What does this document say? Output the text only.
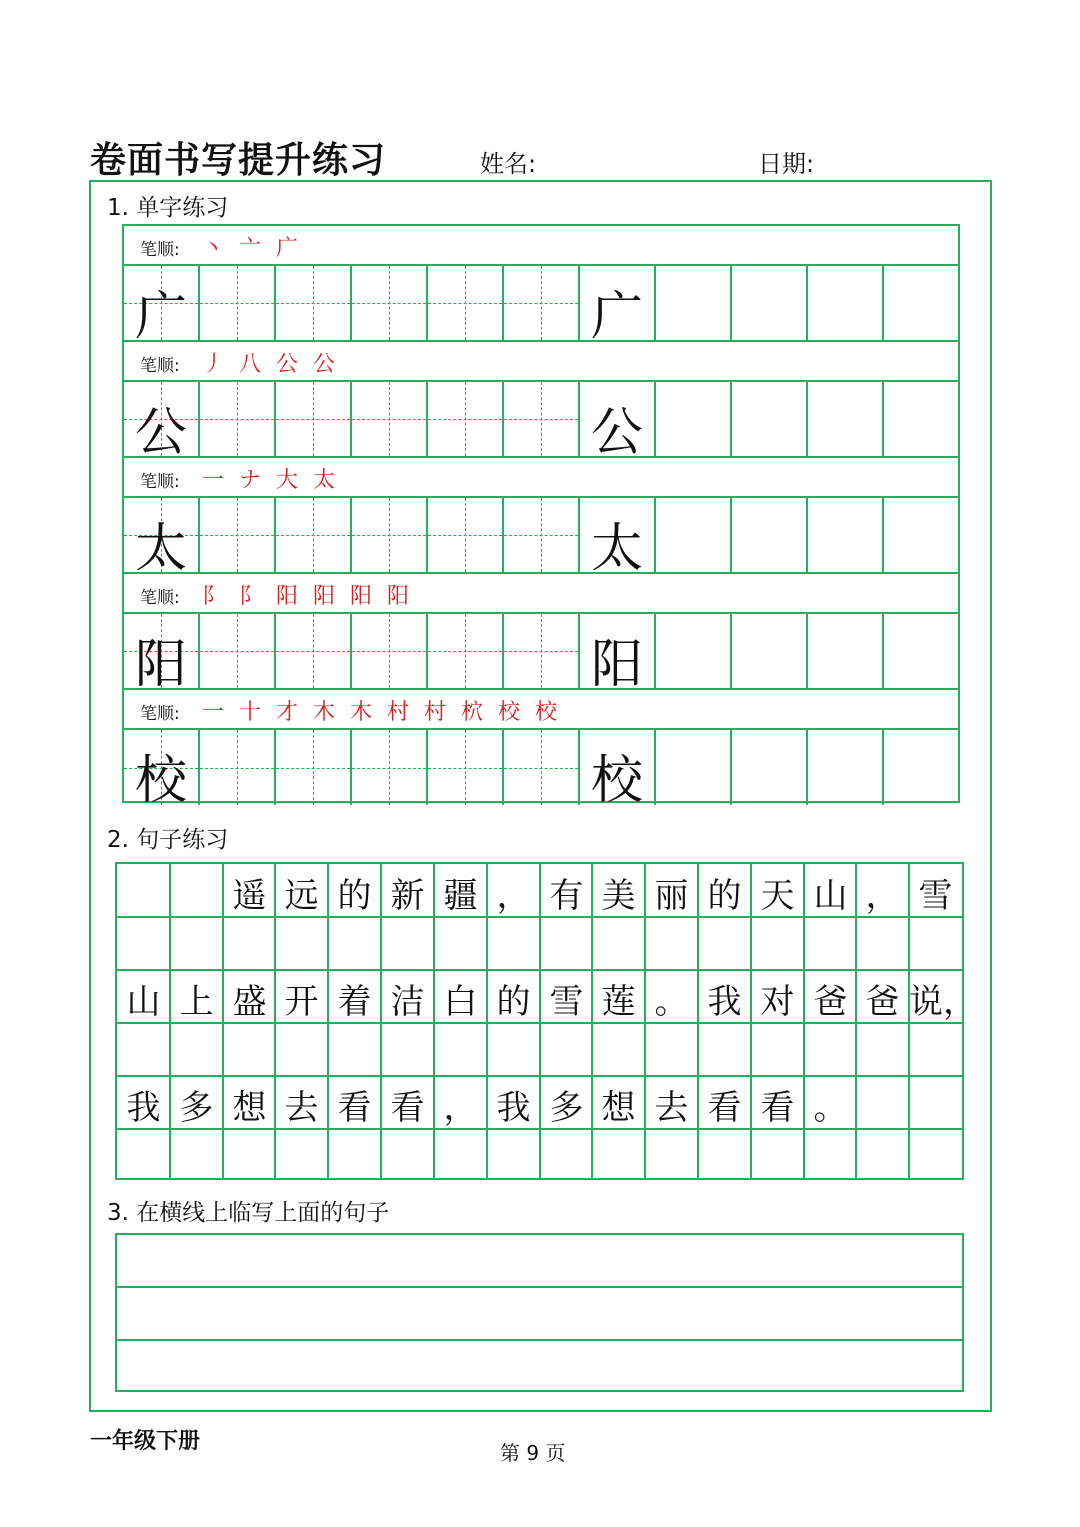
卷面书写提升练习	姓名:	日期:
1. 单字练习
笔顺: 丶 亠 广
广	广
笔顺: 丿 八 公 公
公	公
笔顺: 一 ナ 大 太
太	太
笔顺: 阝 阝 阳 阳 阳 阳
阳	阳
笔顺: 一 十 才 木 木 村 村 柼 校 校
校	校
2. 句子练习
遥 远 的 新 疆 ， 有 美 丽 的 天 山 ， 雪
山 上 盛 开 着 洁 白 的 雪 莲 。 我 对 爸 爸 说，
我 多 想 去 看 看 ， 我 多 想 去 看 看 。
3. 在横线上临写上面的句子
一年级下册	第 9 页
